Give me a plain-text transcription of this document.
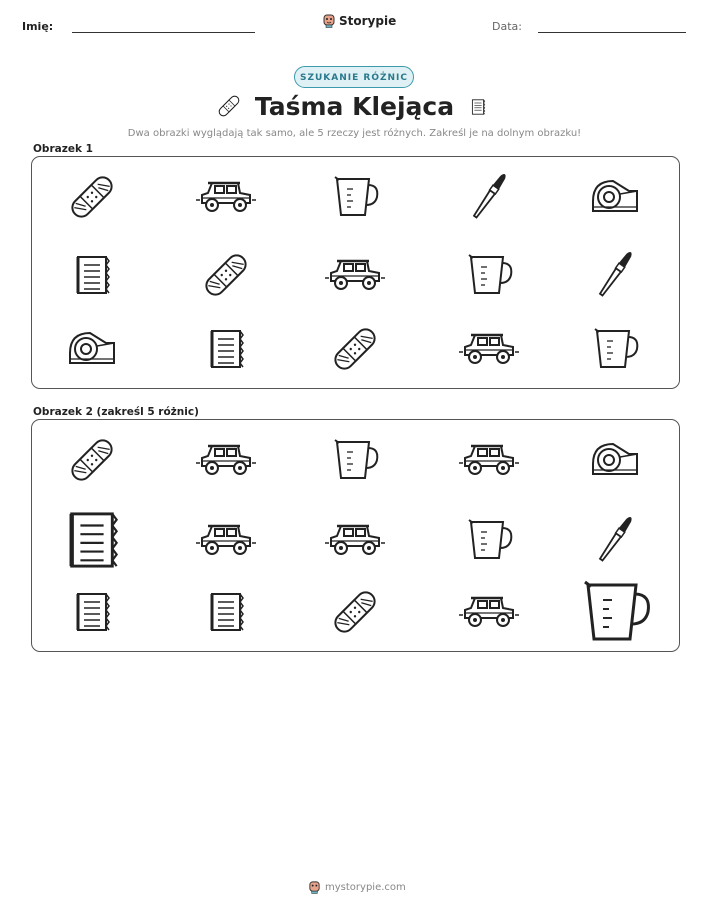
Imię:	Storypie	Data:
SZUKANIE RÓŻNIC
Taśma Klejąca
Dwa obrazki wyglądają tak samo, ale 5 rzeczy jest różnych. Zakreśl je na dolnym obrazku!
Obrazek 1
Obrazek 2 (zakreśl 5 różnic)
mystorypie.com
